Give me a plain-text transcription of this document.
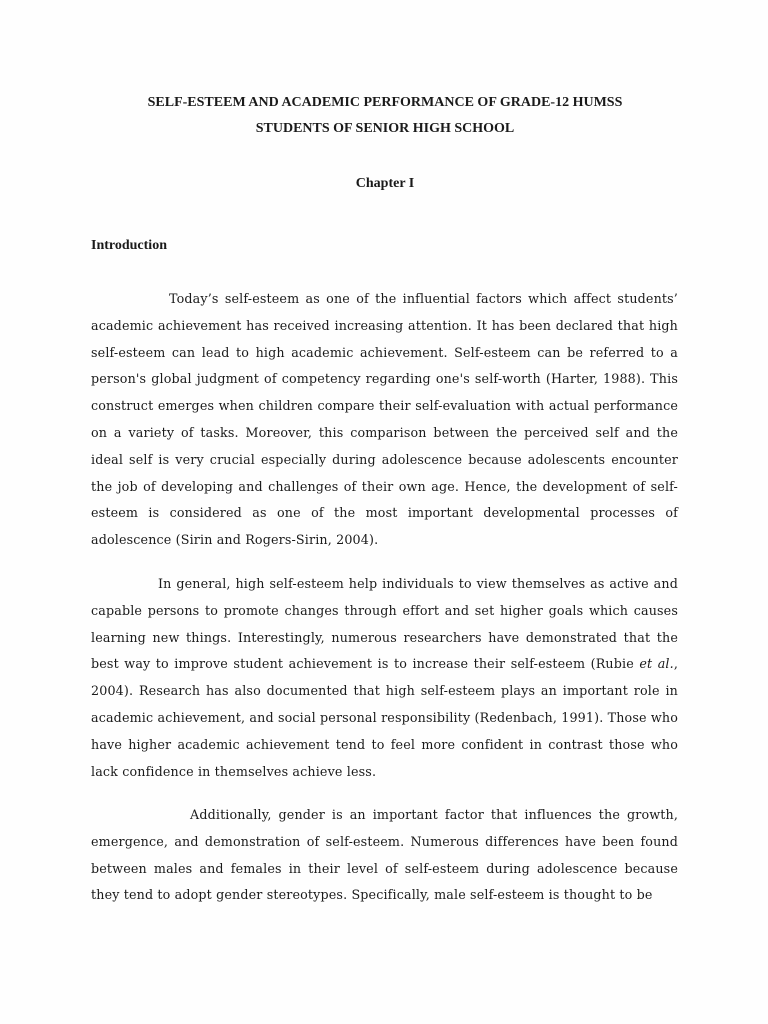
SELF-ESTEEM AND ACADEMIC PERFORMANCE OF GRADE-12 HUMSS
STUDENTS OF SENIOR HIGH SCHOOL
Chapter I
Introduction

Today’s self-esteem as one of the influential factors which affect students’ academic achievement has received increasing attention. It has been declared that high self-esteem can lead to high academic achievement. Self-esteem can be referred to a person's global judgment of competency regarding one's self-worth (Harter, 1988). This construct emerges when children compare their self-evaluation with actual performance on a variety of tasks. Moreover, this comparison between the perceived self and the ideal self is very crucial especially during adolescence because adolescents encounter the job of developing and challenges of their own age. Hence, the development of self-esteem is considered as one of the most important developmental processes of adolescence (Sirin and Rogers-Sirin, 2004).

In general, high self-esteem help individuals to view themselves as active and capable persons to promote changes through effort and set higher goals which causes learning new things. Interestingly, numerous researchers have demonstrated that the best way to improve student achievement is to increase their self-esteem (Rubie et al., 2004). Research has also documented that high self-esteem plays an important role in academic achievement, and social personal responsibility (Redenbach, 1991). Those who have higher academic achievement tend to feel more confident in contrast those who lack confidence in themselves achieve less.

Additionally, gender is an important factor that influences the growth, emergence, and demonstration of self-esteem. Numerous differences have been found between males and females in their level of self-esteem during adolescence because they tend to adopt gender stereotypes. Specifically, male self-esteem is thought to be
